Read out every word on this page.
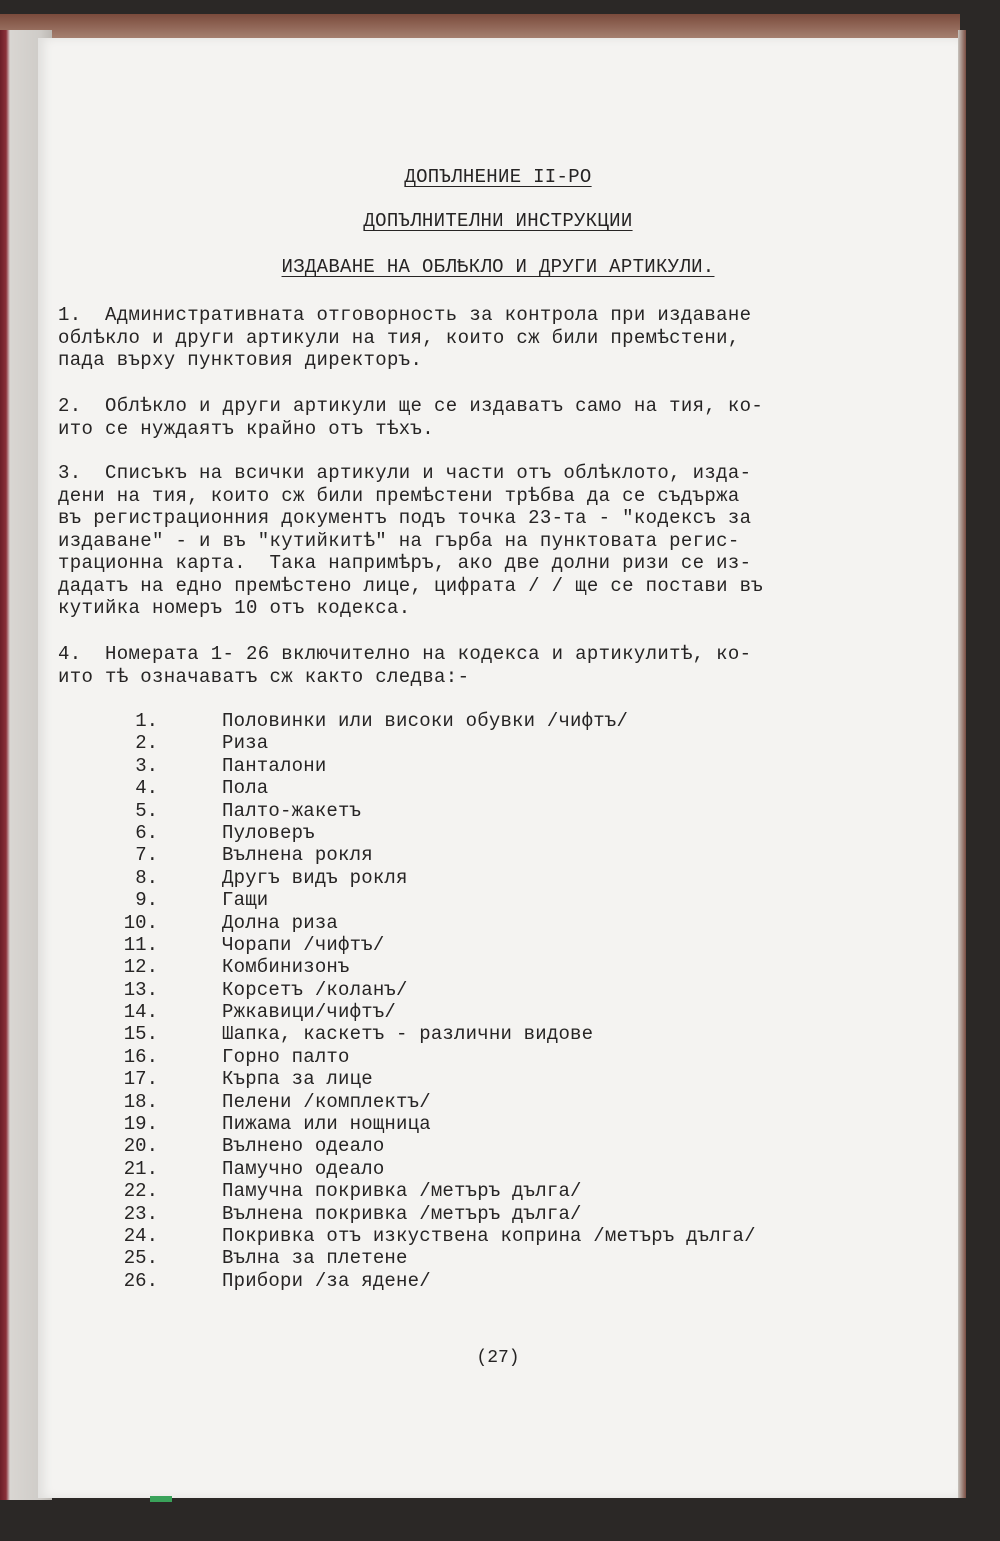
ДОПЪЛНЕНИЕ II-РО
ДОПЪЛНИТЕЛНИ ИНСТРУКЦИИ
ИЗДАВАНЕ НА ОБЛѢКЛО И ДРУГИ АРТИКУЛИ.
1.  Административната отговорность за контрола при издаване
облѣкло и други артикули на тия, които сж били премѣстени,
пада върху пунктовия директоръ.
2.  Облѣкло и други артикули ще се издаватъ само на тия, ко-
ито се нуждаятъ крайно отъ тѣхъ.
3.  Списъкъ на всички артикули и части отъ облѣклото, изда-
дени на тия, които сж били премѣстени трѣбва да се съдържа
въ регистрационния документъ подъ точка 23-та - "кодексъ за
издаване" - и въ "кутийкитѣ" на гърба на пунктовата регис-
трационна карта.  Така напримѣръ, ако две долни ризи се из-
дадатъ на едно премѣстено лице, цифрата / / ще се постави въ
кутийка номеръ 10 отъ кодекса.
4.  Номерата 1- 26 включително на кодекса и артикулитѣ, ко-
ито тѣ означаватъ сж както следва:-
1.	Половинки или високи обувки /чифтъ/
2.	Риза
3.	Панталони
4.	Пола
5.	Палто-жакетъ
6.	Пуловеръ
7.	Вълнена рокля
8.	Другъ видъ рокля
9.	Гащи
10.	Долна риза
11.	Чорапи /чифтъ/
12.	Комбинизонъ
13.	Корсетъ /коланъ/
14.	Ржкавици/чифтъ/
15.	Шапка, каскетъ - различни видове
16.	Горно палто
17.	Кърпа за лице
18.	Пелени /комплектъ/
19.	Пижама или нощница
20.	Вълнено одеало
21.	Памучно одеало
22.	Памучна покривка /метъръ дълга/
23.	Вълнена покривка /метъръ дълга/
24.	Покривка отъ изкуствена коприна /метъръ дълга/
25.	Вълна за плетене
26.	Прибори /за ядене/
(27)
